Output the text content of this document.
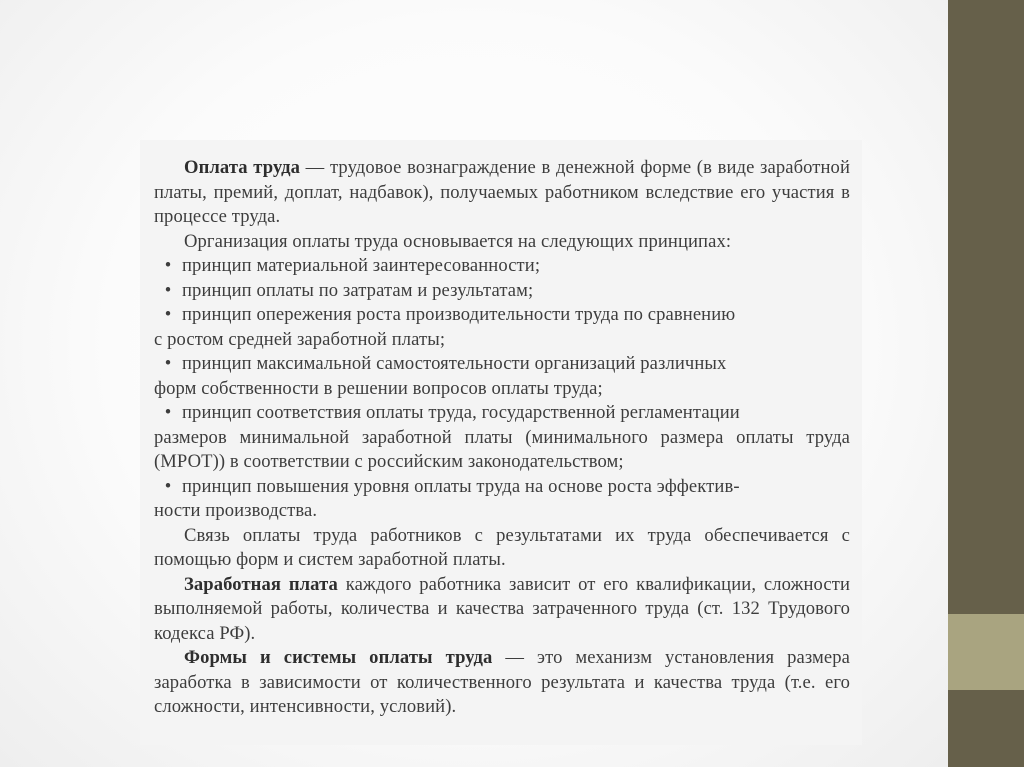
Оплата труда — трудовое вознаграждение в денежной форме (в виде заработной платы, премий, доплат, надбавок), получаемых работником вследствие его участия в процессе труда.

Организация оплаты труда основывается на следующих принципах:

• принцип материальной заинтересованности;

• принцип оплаты по затратам и результатам;

• принцип опережения роста производительности труда по сравнению

с ростом средней заработной платы;

• принцип максимальной самостоятельности организаций различных

форм собственности в решении вопросов оплаты труда;

• принцип соответствия оплаты труда, государственной регламентации

размеров минимальной заработной платы (минимального размера оплаты труда (МРОТ)) в соответствии с российским законодательством;

• принцип повышения уровня оплаты труда на основе роста эффектив-

ности производства.

Связь оплаты труда работников с результатами их труда обеспечивается с помощью форм и систем заработной платы.

Заработная плата каждого работника зависит от его квалификации, сложности выполняемой работы, количества и качества затраченного труда (ст. 132 Трудового кодекса РФ).

Формы и системы оплаты труда — это механизм установления размера заработка в зависимости от количественного результата и качества труда (т.е. его сложности, интенсивности, условий).
